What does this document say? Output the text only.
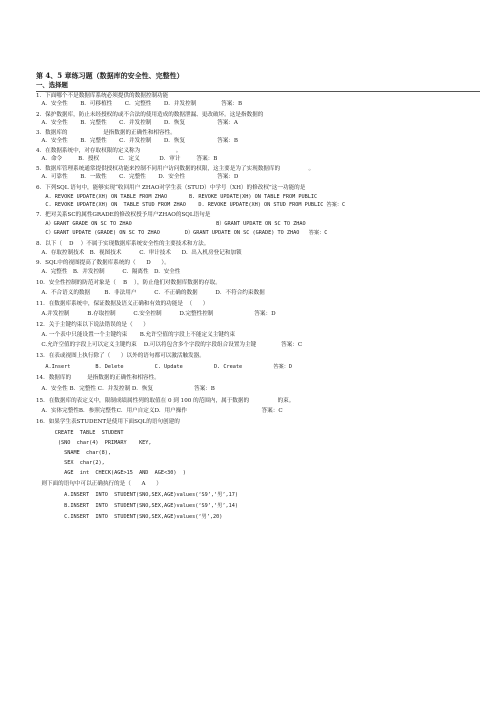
第 4、5 章练习题（数据库的安全性、完整性）
一、选择题
1．下面哪个不是数据库系统必须提供的数据控制功能
A．安全性       B．可移植性       C．完整性       D．并发控制              答案：B
2．保护数据库，防止未经授权的或不合法的使用造成的数据泄漏、更改破坏。这是指数据的
A．安全性       B．完整性       C．并发控制       D．恢复                  答案：A
3．数据库的                    是指数据的正确性和相容性。
A．安全性       B．完整性       C．并发控制       D．恢复                  答案：B
4．在数据系统中，对存取权限的定义称为                    。
A．命令         B．授权           C．定义           D．审计         答案：B
5．数据库管理系统通常提供授权功能来控制不同用户访问数据的权限，这主要是为了实现数据库的                。
A．可靠性       B．一致性       C．完整性       D．安全性                  答案：D
6．下列SQL 语句中，能够实现“收回用户 ZHAO对学生表（STUD）中学号（XH）的修改权”这一功能的是
A. REVOKE UPDATE(XH) ON TABLE FROM ZHAO       B. REVOKE UPDATE(XH) ON TABLE FROM PUBLIC
C. REVOKE UPDATE(XH) ON  TABLE STUD FROM ZHAO    D. REVOKE UPDATE(XH) ON STUD FROM PUBLIC 答案：C
7．把对关系SC的属性GRADE的修改权授予用户ZHAO的SQL语句是
A）GRANT GRADE ON SC TO ZHAO                           B）GRANT UPDATE ON SC TO ZHAO
C）GRANT UPDATE (GRADE) ON SC TO ZHAO        D）GRANT UPDATE ON SC (GRADE) TO ZHAO   答案：C
8．以下（    D    ）不属于实现数据库系统安全性的主要技术和方法。
A.  存取控制技术   B.  视图技术          C.  审计技术      D.  出入机房登记和加锁
9．SQL中的视图提高了数据库系统的（      D      ）。
A.  完整性   B.  并发控制          C.  隔离性   D.  安全性
10．安全性控制的防范对象是（    B    ），防止他们对数据库数据的存取。
A．不合语义的数据        B．非法用户          C．不正确的数据          D．不符合约束数据
11．在数据库系统中，保证数据及语义正确和有效的功能是  （      ）
A.并发控制          B.存取控制          C.安全控制          D.完整性控制                       答案：D
12．关于主键约束以下说法错误的是（      ）
A. 一个表中只能设置一个主键约束       B.允许空值的字段上不能定义主键约束
C.允许空值的字段上可以定义主键约束    D.可以将包含多个字段的字段组合设置为主键              答案：C
13．在表或视图上执行除了（      ）以外的语句都可以激活触发器。
A.Insert        B. Delete          C. Update          D. Create          答案：D
14．数据库的         是指数据的正确性和相容性。
A．安全性 B．完整性 C．并发控制 D．恢复                       答案：B
15．在数据库的表定义中，限制成绩属性列的取值在 0 到 100 的范围内，属于数据的                的束。
A．实体完整性B．参照完整性C．用户自定义D．用户操作                                          答案：C
16．如果学生表STUDENT是使用下面SQL的语句创建的
CREATE  TABLE  STUDENT
(SNO  char(4)  PRIMARY    KEY,
SNAME  char(8),
SEX  char(2),
AGE  int  CHECK(AGE>15  AND  AGE<30)  )
则下面的语句中可以正确执行的是（      A      ）
A.INSERT  INTO  STUDENT(SNO,SEX,AGE)values(‘S9’,‘男’,17)
B.INSERT  INTO  STUDENT(SNO,SEX,AGE)values(‘S9’,‘男’,14)
C.INSERT  INTO  STUDENT(SNO,SEX,AGE)values(‘男’,20)
